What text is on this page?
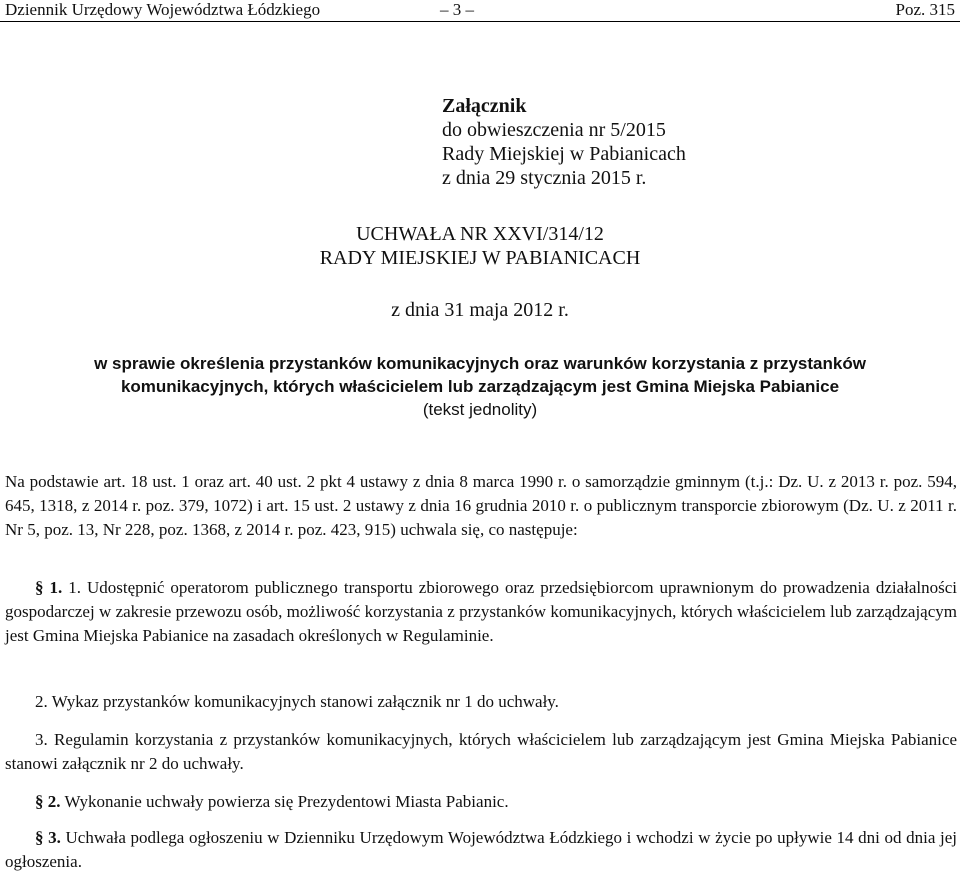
Dziennik Urzędowy Województwa Łódzkiego	– 3 –	Poz. 315
Załącznik
do obwieszczenia nr 5/2015
Rady Miejskiej w Pabianicach
z dnia 29 stycznia 2015 r.
UCHWAŁA NR XXVI/314/12
RADY MIEJSKIEJ W PABIANICACH
z dnia 31 maja 2012 r.
w sprawie określenia przystanków komunikacyjnych oraz warunków korzystania z przystanków
komunikacyjnych, których właścicielem lub zarządzającym jest Gmina Miejska Pabianice
(tekst jednolity)
Na podstawie art. 18 ust. 1 oraz art. 40 ust. 2 pkt 4 ustawy z dnia 8 marca 1990 r. o samorządzie gminnym (t.j.: Dz. U. z 2013 r. poz. 594, 645, 1318, z 2014 r. poz. 379, 1072) i art. 15 ust. 2 ustawy z dnia 16 grudnia 2010 r. o publicznym transporcie zbiorowym (Dz. U. z 2011 r. Nr 5, poz. 13, Nr 228, poz. 1368, z 2014 r. poz. 423, 915) uchwala się, co następuje:
§ 1. 1. Udostępnić operatorom publicznego transportu zbiorowego oraz przedsiębiorcom uprawnionym do prowadzenia działalności gospodarczej w zakresie przewozu osób, możliwość korzystania z przystanków komunikacyjnych, których właścicielem lub zarządzającym jest Gmina Miejska Pabianice na zasadach określonych w Regulaminie.
2. Wykaz przystanków komunikacyjnych stanowi załącznik nr 1 do uchwały.
3. Regulamin korzystania z przystanków komunikacyjnych, których właścicielem lub zarządzającym jest Gmina Miejska Pabianice stanowi załącznik nr 2 do uchwały.
§ 2. Wykonanie uchwały powierza się Prezydentowi Miasta Pabianic.
§ 3. Uchwała podlega ogłoszeniu w Dzienniku Urzędowym Województwa Łódzkiego i wchodzi w życie po upływie 14 dni od dnia jej ogłoszenia.
